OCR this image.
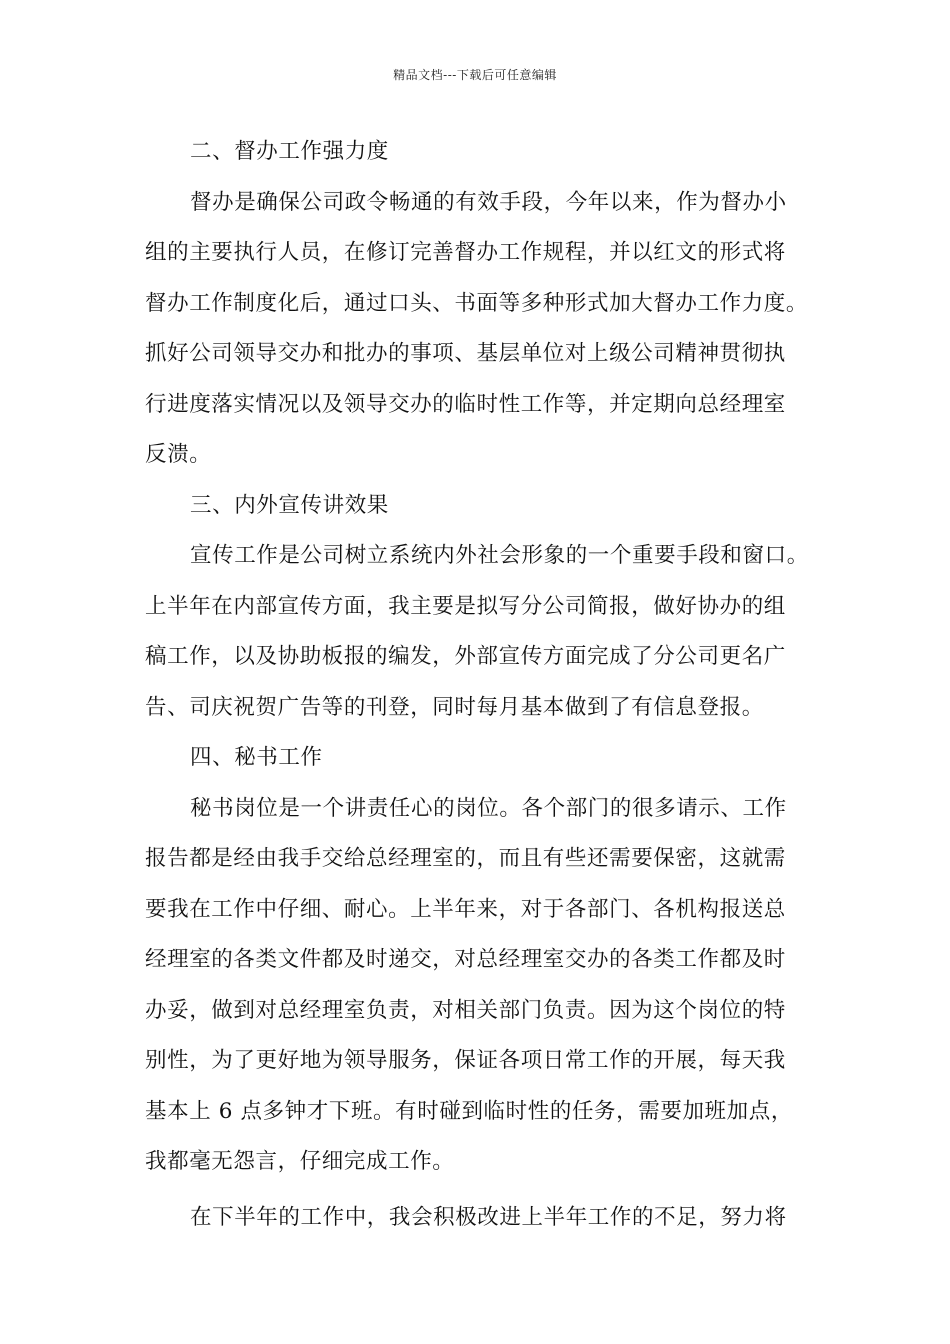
精品文档---下载后可任意编辑
二、督办工作强力度
督办是确保公司政令畅通的有效手段，今年以来，作为督办小
组的主要执行人员，在修订完善督办工作规程，并以红文的形式将
督办工作制度化后，通过口头、书面等多种形式加大督办工作力度。
抓好公司领导交办和批办的事项、基层单位对上级公司精神贯彻执
行进度落实情况以及领导交办的临时性工作等，并定期向总经理室
反溃。
三、内外宣传讲效果
宣传工作是公司树立系统内外社会形象的一个重要手段和窗口。
上半年在内部宣传方面，我主要是拟写分公司简报，做好协办的组
稿工作，以及协助板报的编发，外部宣传方面完成了分公司更名广
告、司庆祝贺广告等的刊登，同时每月基本做到了有信息登报。
四、秘书工作
秘书岗位是一个讲责任心的岗位。各个部门的很多请示、工作
报告都是经由我手交给总经理室的，而且有些还需要保密，这就需
要我在工作中仔细、耐心。上半年来，对于各部门、各机构报送总
经理室的各类文件都及时递交，对总经理室交办的各类工作都及时
办妥，做到对总经理室负责，对相关部门负责。因为这个岗位的特
别性，为了更好地为领导服务，保证各项日常工作的开展，每天我
基本上 6 点多钟才下班。有时碰到临时性的任务，需要加班加点，
我都毫无怨言，仔细完成工作。
在下半年的工作中，我会积极改进上半年工作的不足，努力将
